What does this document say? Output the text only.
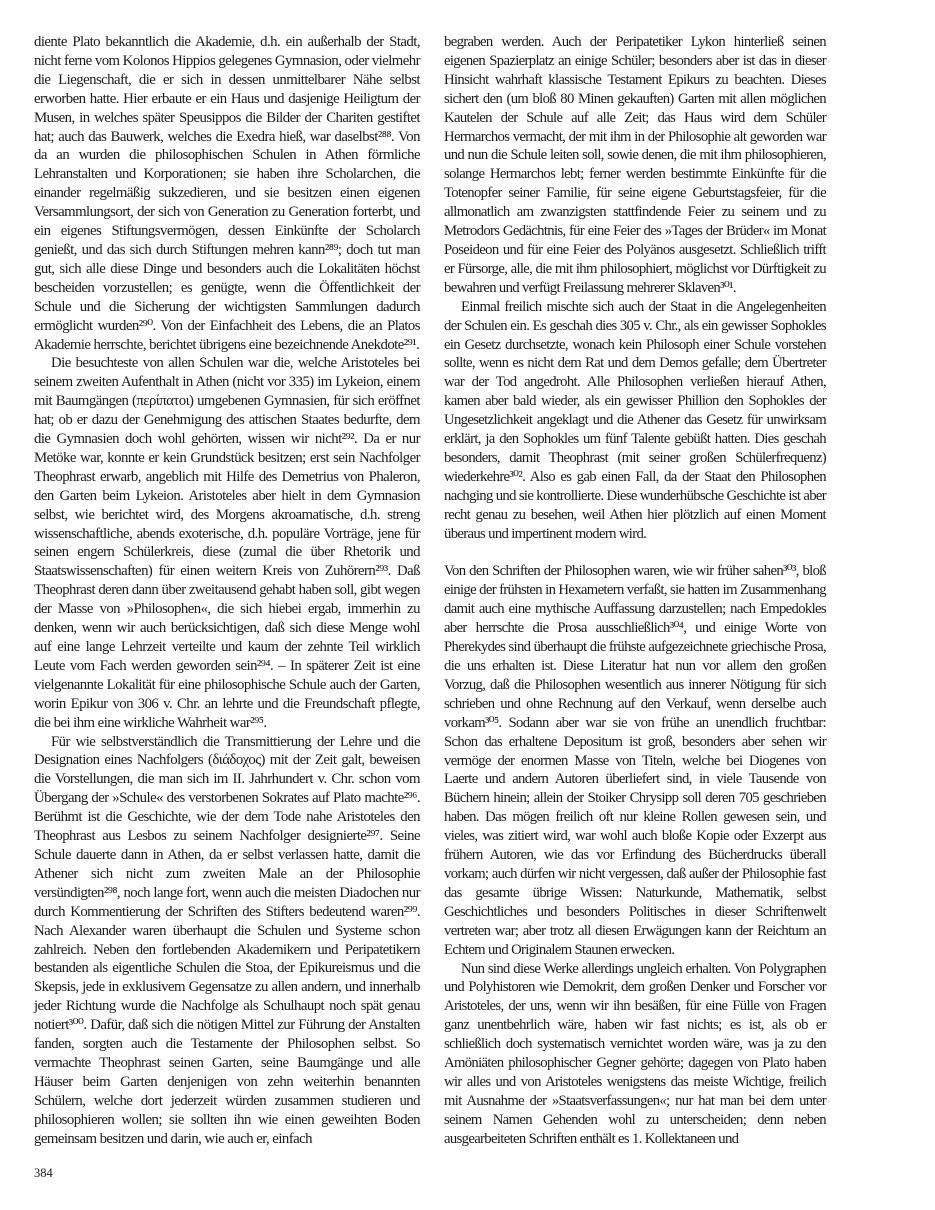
diente Plato bekanntlich die Akademie, d.h. ein außerhalb der Stadt, nicht ferne vom Kolonos Hippios gelegenes Gymnasion, oder vielmehr die Liegenschaft, die er sich in dessen unmittelbarer Nähe selbst erworben hatte. Hier erbaute er ein Haus und dasjenige Heiligtum der Musen, in welches später Speusippos die Bilder der Chariten gestiftet hat; auch das Bauwerk, welches die Exedra hieß, war daselbst²⁸⁸. Von da an wurden die philosophischen Schulen in Athen förmliche Lehranstalten und Korporationen; sie haben ihre Scholarchen, die einander regelmäßig sukzedieren, und sie besitzen einen eigenen Versammlungsort, der sich von Generation zu Generation forterbt, und ein eigenes Stiftungsvermögen, dessen Einkünfte der Scholarch genießt, und das sich durch Stiftungen mehren kann²⁸⁹; doch tut man gut, sich alle diese Dinge und besonders auch die Lokalitäten höchst bescheiden vorzustellen; es genügte, wenn die Öffentlichkeit der Schule und die Sicherung der wichtigsten Sammlungen dadurch ermöglicht wurden²⁹⁰. Von der Einfachheit des Lebens, die an Platos Akademie herrschte, berichtet übrigens eine bezeichnende Anekdote²⁹¹.

Die besuchteste von allen Schulen war die, welche Aristoteles bei seinem zweiten Aufenthalt in Athen (nicht vor 335) im Lykeion, einem mit Baumgängen (περίπατοι) umgebenen Gymnasien, für sich eröffnet hat; ob er dazu der Genehmigung des attischen Staates bedurfte, dem die Gymnasien doch wohl gehörten, wissen wir nicht²⁹². Da er nur Metöke war, konnte er kein Grundstück besitzen; erst sein Nachfolger Theophrast erwarb, angeblich mit Hilfe des Demetrius von Phaleron, den Garten beim Lykeion. Aristoteles aber hielt in dem Gymnasion selbst, wie berichtet wird, des Morgens akroamatische, d.h. streng wissenschaftliche, abends exoterische, d.h. populäre Vorträge, jene für seinen engern Schülerkreis, diese (zumal die über Rhetorik und Staatswissenschaften) für einen weitern Kreis von Zuhörern²⁹³. Daß Theophrast deren dann über zweitausend gehabt haben soll, gibt wegen der Masse von »Philosophen«, die sich hiebei ergab, immerhin zu denken, wenn wir auch berücksichtigen, daß sich diese Menge wohl auf eine lange Lehrzeit verteilte und kaum der zehnte Teil wirklich Leute vom Fach werden geworden sein²⁹⁴. – In späterer Zeit ist eine vielgenannte Lokalität für eine philosophische Schule auch der Garten, worin Epikur von 306 v. Chr. an lehrte und die Freundschaft pflegte, die bei ihm eine wirkliche Wahrheit war²⁹⁵.

Für wie selbstverständlich die Transmittierung der Lehre und die Designation eines Nachfolgers (διάδοχος) mit der Zeit galt, beweisen die Vorstellungen, die man sich im II. Jahrhundert v. Chr. schon vom Übergang der »Schule« des verstorbenen Sokrates auf Plato machte²⁹⁶. Berühmt ist die Geschichte, wie der dem Tode nahe Aristoteles den Theophrast aus Lesbos zu seinem Nachfolger designierte²⁹⁷. Seine Schule dauerte dann in Athen, da er selbst verlassen hatte, damit die Athener sich nicht zum zweiten Male an der Philosophie versündigten²⁹⁸, noch lange fort, wenn auch die meisten Diadochen nur durch Kommentierung der Schriften des Stifters bedeutend waren²⁹⁹. Nach Alexander waren überhaupt die Schulen und Systeme schon zahlreich. Neben den fortlebenden Akademikern und Peripatetikern bestanden als eigentliche Schulen die Stoa, der Epikureismus und die Skepsis, jede in exklusivem Gegensatze zu allen andern, und innerhalb jeder Richtung wurde die Nachfolge als Schulhaupt noch spät genau notiert³⁰⁰. Dafür, daß sich die nötigen Mittel zur Führung der Anstalten fanden, sorgten auch die Testamente der Philosophen selbst. So vermachte Theophrast seinen Garten, seine Baumgänge und alle Häuser beim Garten denjenigen von zehn weiterhin benannten Schülern, welche dort jederzeit würden zusammen studieren und philosophieren wollen; sie sollten ihn wie einen geweihten Boden gemeinsam besitzen und darin, wie auch er, einfach

begraben werden. Auch der Peripatetiker Lykon hinterließ seinen eigenen Spazierplatz an einige Schüler; besonders aber ist das in dieser Hinsicht wahrhaft klassische Testament Epikurs zu beachten. Dieses sichert den (um bloß 80 Minen gekauften) Garten mit allen möglichen Kautelen der Schule auf alle Zeit; das Haus wird dem Schüler Hermarchos vermacht, der mit ihm in der Philosophie alt geworden war und nun die Schule leiten soll, sowie denen, die mit ihm philosophieren, solange Hermarchos lebt; ferner werden bestimmte Einkünfte für die Totenopfer seiner Familie, für seine eigene Geburtstagsfeier, für die allmonatlich am zwanzigsten stattfindende Feier zu seinem und zu Metrodors Gedächtnis, für eine Feier des »Tages der Brüder« im Monat Poseideon und für eine Feier des Polyänos ausgesetzt. Schließlich trifft er Fürsorge, alle, die mit ihm philosophiert, möglichst vor Dürftigkeit zu bewahren und verfügt Freilassung mehrerer Sklaven³⁰¹.

Einmal freilich mischte sich auch der Staat in die Angelegenheiten der Schulen ein. Es geschah dies 305 v. Chr., als ein gewisser Sophokles ein Gesetz durchsetzte, wonach kein Philosoph einer Schule vorstehen sollte, wenn es nicht dem Rat und dem Demos gefalle; dem Übertreter war der Tod angedroht. Alle Philosophen verließen hierauf Athen, kamen aber bald wieder, als ein gewisser Phillion den Sophokles der Ungesetzlichkeit angeklagt und die Athener das Gesetz für unwirksam erklärt, ja den Sophokles um fünf Talente gebüßt hatten. Dies geschah besonders, damit Theophrast (mit seiner großen Schülerfrequenz) wiederkehre³⁰². Also es gab einen Fall, da der Staat den Philosophen nachging und sie kontrollierte. Diese wunderhübsche Geschichte ist aber recht genau zu besehen, weil Athen hier plötzlich auf einen Moment überaus und impertinent modern wird.

Von den Schriften der Philosophen waren, wie wir früher sahen³⁰³, bloß einige der frühsten in Hexametern verfaßt, sie hatten im Zusammenhang damit auch eine mythische Auffassung darzustellen; nach Empedokles aber herrschte die Prosa ausschließlich³⁰⁴, und einige Worte von Pherekydes sind überhaupt die frühste aufgezeichnete griechische Prosa, die uns erhalten ist. Diese Literatur hat nun vor allem den großen Vorzug, daß die Philosophen wesentlich aus innerer Nötigung für sich schrieben und ohne Rechnung auf den Verkauf, wenn derselbe auch vorkam³⁰⁵. Sodann aber war sie von frühe an unendlich fruchtbar: Schon das erhaltene Depositum ist groß, besonders aber sehen wir vermöge der enormen Masse von Titeln, welche bei Diogenes von Laerte und andern Autoren überliefert sind, in viele Tausende von Büchern hinein; allein der Stoiker Chrysipp soll deren 705 geschrieben haben. Das mögen freilich oft nur kleine Rollen gewesen sein, und vieles, was zitiert wird, war wohl auch bloße Kopie oder Exzerpt aus frühern Autoren, wie das vor Erfindung des Bücherdrucks überall vorkam; auch dürfen wir nicht vergessen, daß außer der Philosophie fast das gesamte übrige Wissen: Naturkunde, Mathematik, selbst Geschichtliches und besonders Politisches in dieser Schriftenwelt vertreten war; aber trotz all diesen Erwägungen kann der Reichtum an Echtem und Originalem Staunen erwecken.

Nun sind diese Werke allerdings ungleich erhalten. Von Polygraphen und Polyhistoren wie Demokrit, dem großen Denker und Forscher vor Aristoteles, der uns, wenn wir ihn besäßen, für eine Fülle von Fragen ganz unentbehrlich wäre, haben wir fast nichts; es ist, als ob er schließlich doch systematisch vernichtet worden wäre, was ja zu den Amöniäten philosophischer Gegner gehörte; dagegen von Plato haben wir alles und von Aristoteles wenigstens das meiste Wichtige, freilich mit Ausnahme der »Staatsverfassungen«; nur hat man bei dem unter seinem Namen Gehenden wohl zu unterscheiden; denn neben ausgearbeiteten Schriften enthält es 1. Kollektaneen und

384
